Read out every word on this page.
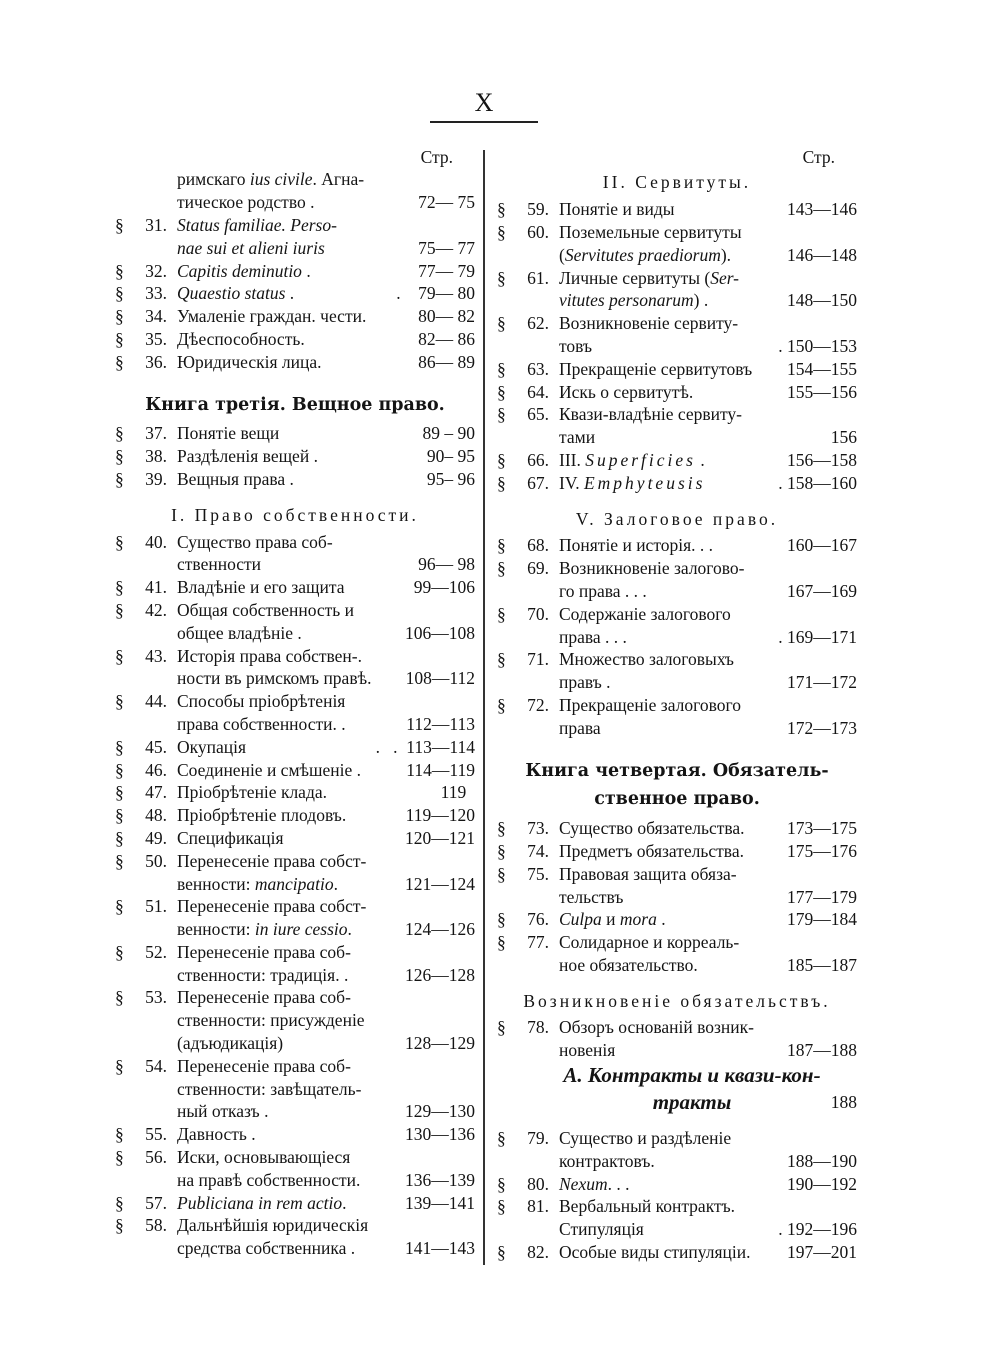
X
Стр.
римскаго ius civile. Агна-
тическое родство .	72— 75
§	31. Status familiae. Perso-
nae sui et alieni iuris	75— 77
§	32. Capitis deminutio .	77— 79
§	33. Quaestio status .	.    79— 80
§	34. Умаленіе граждан. чести.	80— 82
§	35. Дѣеспособность.	82— 86
§	36. Юридическія лица.	86— 89
Книга третія. Вещное право.
§	37. Понятіе вещи	89 – 90
§	38. Раздѣленія вещей .	90– 95
§	39. Вещныя права .	95– 96
I. Право собственности.
§	40. Существо права соб-
ственности	96— 98
§	41. Владѣніе и его защита	99—106
§	42. Общая собственность и
общее владѣніе .	106—108
§	43. Исторія права собствен-.
ности въ римскомъ правѣ. 108—112
§	44. Способы пріобрѣтенія
права собственности. .	112—113
§	45. Окупація	.   .  113—114
§	46. Соединеніе и смѣшеніе .	114—119
§	47. Пріобрѣтеніе клада.	119
§	48. Пріобрѣтеніе плодовъ.	119—120
§	49. Спецификація	120—121
§	50. Перенесеніе права собст-
венности: mancipatio.	121—124
§	51. Перенесеніе права собст-
венности: in iure cessio.	124—126
§	52. Перенесеніе права соб-
ственности: традиція. .	126—128
§	53. Перенесеніе права соб-
ственности: присужденіе
(адъюдикація)	128—129
§	54. Перенесеніе права соб-
ственности: завѣщатель-
ный отказъ .	129—130
§	55. Давность .	130—136
§	56. Иски, основывающіеся
на правѣ собственности.	136—139
§	57. Publiciana in rem actio.	139—141
§	58. Дальнѣйшія юридическія
средства собственника .	141—143
Стр.
II. Сервитуты.
§	59. Понятіе и виды	143—146
§	60. Поземельные сервитуты
(Servitutes praediorum).	146—148
§	61. Личные сервитуты (Ser-
vitutes personarum) .	148—150
§	62. Возникновеніе сервиту-
товъ	. 150—153
§	63. Прекращеніе сервитутовъ 154—155
§	64. Искь о сервитутѣ.	155—156
§	65. Квази-владѣніе сервиту-
тами	156
§	66. III. Superficies .	156—158
§	67. IV. Emphyteusis	. 158—160
V. Залоговое право.
§	68. Понятіе и исторія. . .	160—167
§	69. Возникновеніе залогово-
го права . . .	167—169
§	70. Содержаніе залогового
права . . .	. 169—171
§	71. Множество залоговыхъ
правъ .	171—172
§	72. Прекращеніе залогового
права	172—173
Книга четвертая. Обязатель-
ственное право.
§	73. Существо обязательства. 173—175
§	74. Предметъ обязательства. 175—176
§	75. Правовая защита обяза-
тельствъ	177—179
§	76. Culpa и mora .	179—184
§	77. Солидарное и корреаль-
ное обязательство.	185—187
Возникновеніе обязательствъ.
§	78. Обзоръ основаній возник-
новенія	187—188
А. Контракты и квази-кон-
тракты	188
§	79. Существо и раздѣленіе
контрактовъ.	188—190
§	80. Nexum. . .	190—192
§	81. Вербальный контрактъ.
Стипуляція	. 192—196
§	82. Особые виды стипуляціи. 197—201
